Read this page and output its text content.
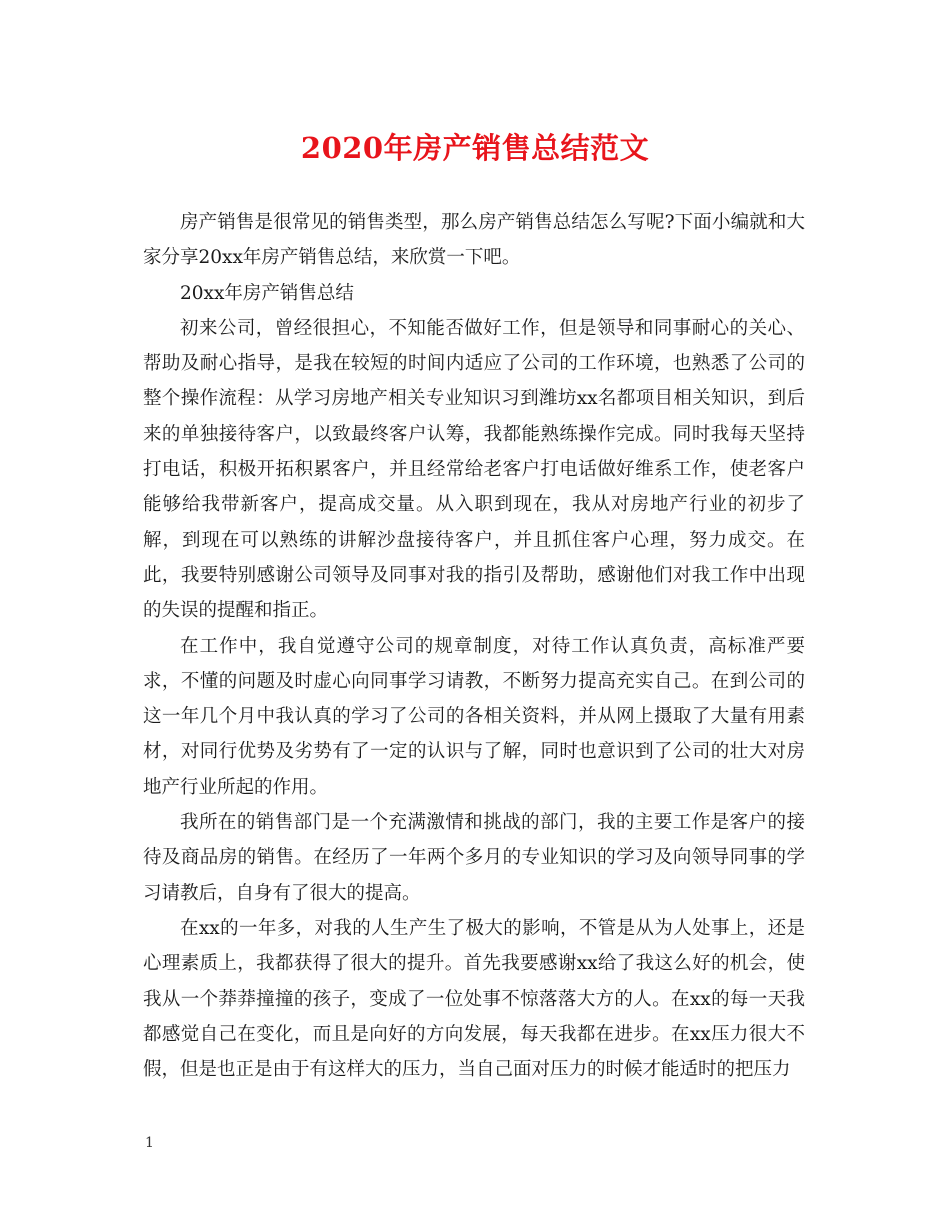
2020年房产销售总结范文

房产销售是很常见的销售类型，那么房产销售总结怎么写呢?下面小编就和大家分享20xx年房产销售总结，来欣赏一下吧。

20xx年房产销售总结

初来公司，曾经很担心，不知能否做好工作，但是领导和同事耐心的关心、帮助及耐心指导，是我在较短的时间内适应了公司的工作环境，也熟悉了公司的整个操作流程：从学习房地产相关专业知识习到潍坊xx名都项目相关知识，到后来的单独接待客户，以致最终客户认筹，我都能熟练操作完成。同时我每天坚持打电话，积极开拓积累客户，并且经常给老客户打电话做好维系工作，使老客户能够给我带新客户，提高成交量。从入职到现在，我从对房地产行业的初步了解，到现在可以熟练的讲解沙盘接待客户，并且抓住客户心理，努力成交。在此，我要特别感谢公司领导及同事对我的指引及帮助，感谢他们对我工作中出现的失误的提醒和指正。

在工作中，我自觉遵守公司的规章制度，对待工作认真负责，高标准严要求，不懂的问题及时虚心向同事学习请教，不断努力提高充实自己。在到公司的这一年几个月中我认真的学习了公司的各相关资料，并从网上摄取了大量有用素材，对同行优势及劣势有了一定的认识与了解，同时也意识到了公司的壮大对房地产行业所起的作用。

我所在的销售部门是一个充满激情和挑战的部门，我的主要工作是客户的接待及商品房的销售。在经历了一年两个多月的专业知识的学习及向领导同事的学习请教后，自身有了很大的提高。

在xx的一年多，对我的人生产生了极大的影响，不管是从为人处事上，还是心理素质上，我都获得了很大的提升。首先我要感谢xx给了我这么好的机会，使我从一个莽莽撞撞的孩子，变成了一位处事不惊落落大方的人。在xx的每一天我都感觉自己在变化，而且是向好的方向发展，每天我都在进步。在xx压力很大不假，但是也正是由于有这样大的压力，当自己面对压力的时候才能适时的把压力

1
